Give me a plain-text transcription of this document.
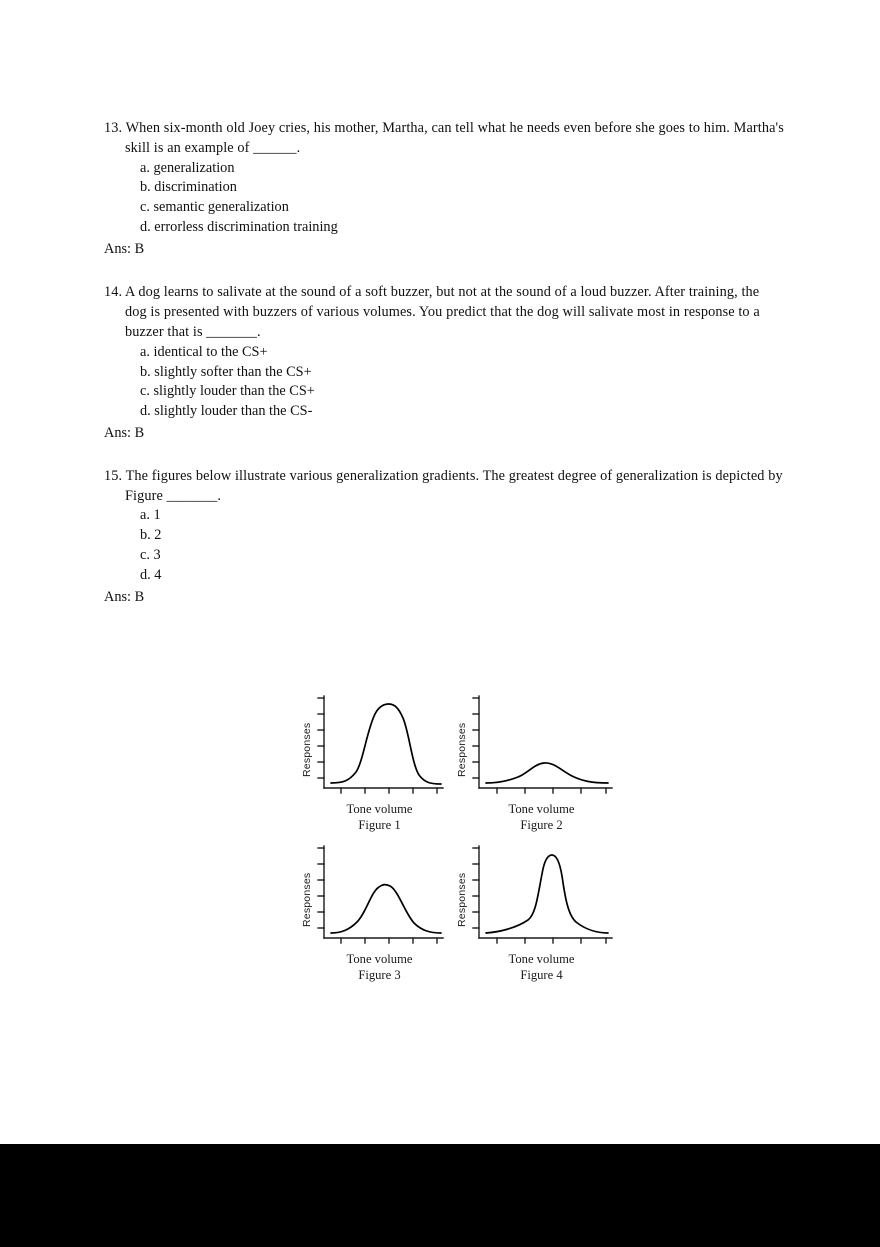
13. When six-month old Joey cries, his mother, Martha, can tell what he needs even before she goes to him. Martha's skill is an example of ______.

a. generalization
b. discrimination
c. semantic generalization
d. errorless discrimination training
Ans: B

14. A dog learns to salivate at the sound of a soft buzzer, but not at the sound of a loud buzzer. After training, the dog is presented with buzzers of various volumes. You predict that the dog will salivate most in response to a buzzer that is _______.

a. identical to the CS+
b. slightly softer than the CS+
c. slightly louder than the CS+
d. slightly louder than the CS-
Ans: B

15. The figures below illustrate various generalization gradients. The greatest degree of generalization is depicted by Figure _______.

a. 1
b. 2
c. 3
d. 4
Ans: B
Responses
Tone volume
Figure 1
Responses
Tone volume
Figure 2
Responses
Tone volume
Figure 3
Responses
Tone volume
Figure 4
